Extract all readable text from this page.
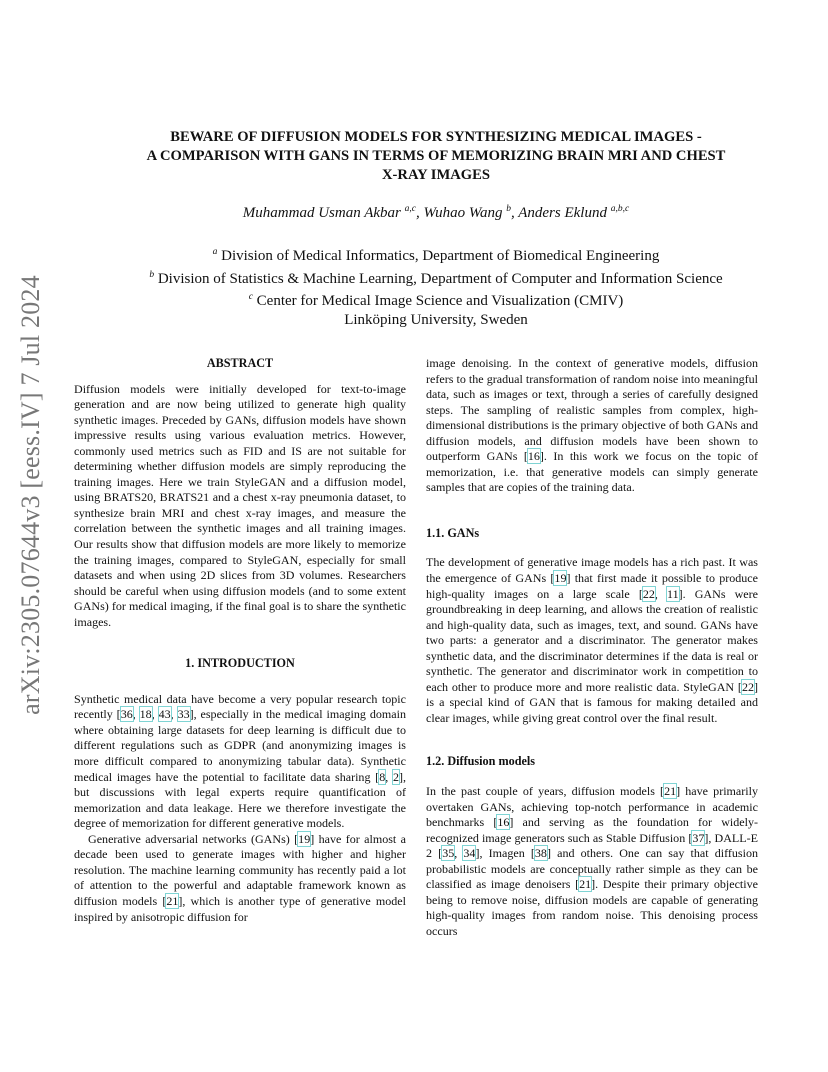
arXiv:2305.07644v3 [eess.IV] 7 Jul 2024
BEWARE OF DIFFUSION MODELS FOR SYNTHESIZING MEDICAL IMAGES -
A COMPARISON WITH GANS IN TERMS OF MEMORIZING BRAIN MRI AND CHEST
X-RAY IMAGES
Muhammad Usman Akbar $^{a,c}$, Wuhao Wang $^b$, Anders Eklund $^{a,b,c}$
$^a$ Division of Medical Informatics, Department of Biomedical Engineering
$^b$ Division of Statistics & Machine Learning, Department of Computer and Information Science
$^c$ Center for Medical Image Science and Visualization (CMIV)
Linköping University, Sweden

ABSTRACT

Diffusion models were initially developed for text-to-image generation and are now being utilized to generate high quality synthetic images. Preceded by GANs, diffusion models have shown impressive results using various evaluation metrics. However, commonly used metrics such as FID and IS are not suitable for determining whether diffusion models are simply reproducing the training images. Here we train StyleGAN and a diffusion model, using BRATS20, BRATS21 and a chest x-ray pneumonia dataset, to synthesize brain MRI and chest x-ray images, and measure the correlation between the synthetic images and all training images. Our results show that diffusion models are more likely to memorize the training images, compared to StyleGAN, especially for small datasets and when using 2D slices from 3D volumes. Researchers should be careful when using diffusion models (and to some extent GANs) for medical imaging, if the final goal is to share the synthetic images.

1. INTRODUCTION

Synthetic medical data have become a very popular research topic recently [36, 18, 43, 33], especially in the medical imaging domain where obtaining large datasets for deep learning is difficult due to different regulations such as GDPR (and anonymizing images is more difficult compared to anonymizing tabular data). Synthetic medical images have the potential to facilitate data sharing [8, 2], but discussions with legal experts require quantification of memorization and data leakage. Here we therefore investigate the degree of memorization for different generative models.

Generative adversarial networks (GANs) [19] have for almost a decade been used to generate images with higher and higher resolution. The machine learning community has recently paid a lot of attention to the powerful and adaptable framework known as diffusion models [21], which is another type of generative model inspired by anisotropic diffusion for

image denoising. In the context of generative models, diffusion refers to the gradual transformation of random noise into meaningful data, such as images or text, through a series of carefully designed steps. The sampling of realistic samples from complex, high-dimensional distributions is the primary objective of both GANs and diffusion models, and diffusion models have been shown to outperform GANs [16]. In this work we focus on the topic of memorization, i.e. that generative models can simply generate samples that are copies of the training data.

1.1. GANs

The development of generative image models has a rich past. It was the emergence of GANs [19] that first made it possible to produce high-quality images on a large scale [22, 11]. GANs were groundbreaking in deep learning, and allows the creation of realistic and high-quality data, such as images, text, and sound. GANs have two parts: a generator and a discriminator. The generator makes synthetic data, and the discriminator determines if the data is real or synthetic. The generator and discriminator work in competition to each other to produce more and more realistic data. StyleGAN [22] is a special kind of GAN that is famous for making detailed and clear images, while giving great control over the final result.

1.2. Diffusion models

In the past couple of years, diffusion models [21] have primarily overtaken GANs, achieving top-notch performance in academic benchmarks [16] and serving as the foundation for widely-recognized image generators such as Stable Diffusion [37], DALL-E 2 [35, 34], Imagen [38] and others. One can say that diffusion probabilistic models are conceptually rather simple as they can be classified as image denoisers [21]. Despite their primary objective being to remove noise, diffusion models are capable of generating high-quality images from random noise. This denoising process occurs
